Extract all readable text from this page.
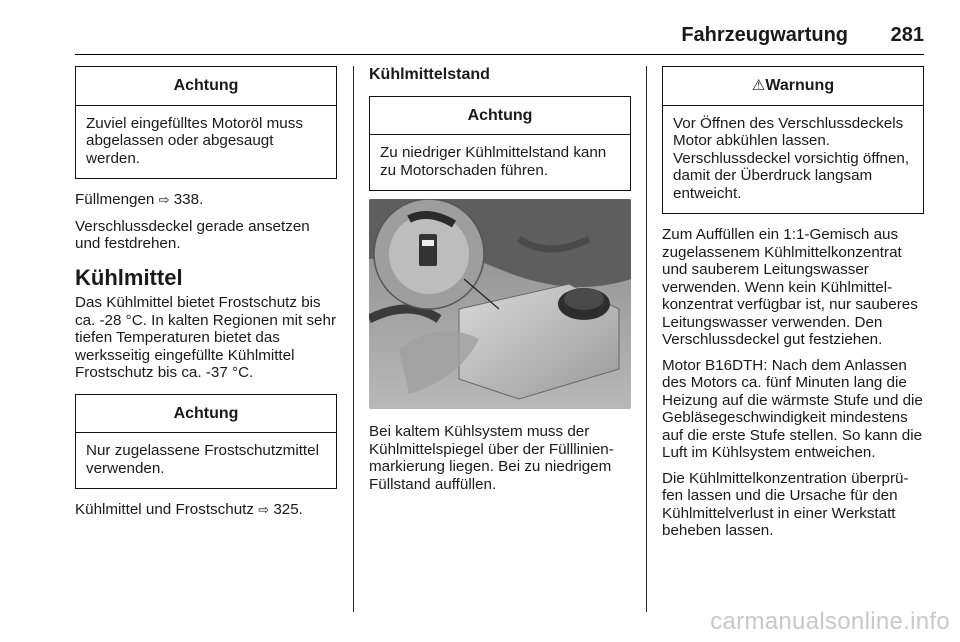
Fahrzeugwartung 281
Achtung
Zuviel eingefülltes Motoröl muss abgelassen oder abgesaugt werden.

Füllmengen ⇨ 338.

Verschlussdeckel gerade ansetzen und festdrehen.

Kühlmittel

Das Kühlmittel bietet Frostschutz bis ca. -28 °C. In kalten Regionen mit sehr tiefen Temperaturen bietet das werksseitig eingefüllte Kühlmittel Frostschutz bis ca. -37 °C.

Achtung
Nur zugelassene Frostschutzmittel verwenden.

Kühlmittel und Frostschutz ⇨ 325.

Kühlmittelstand
Achtung
Zu niedriger Kühlmittelstand kann zu Motorschaden führen.

Bei kaltem Kühlsystem muss der Kühlmittelspiegel über der Fülllinienmarkierung liegen. Bei zu niedrigem Füllstand auffüllen.

⚠Warnung
Vor Öffnen des Verschlussdeckels Motor abkühlen lassen. Verschlussdeckel vorsichtig öffnen, damit der Überdruck langsam entweicht.

Zum Auffüllen ein 1:1-Gemisch aus zugelassenem Kühlmittelkonzentrat und sauberem Leitungswasser verwenden. Wenn kein Kühlmittelkonzentrat verfügbar ist, nur sauberes Leitungswasser verwenden. Den Verschlussdeckel gut festziehen.

Motor B16DTH: Nach dem Anlassen des Motors ca. fünf Minuten lang die Heizung auf die wärmste Stufe und die Gebläsegeschwindigkeit mindestens auf die erste Stufe stellen. So kann die Luft im Kühlsystem entweichen.

Die Kühlmittelkonzentration überprüfen lassen und die Ursache für den Kühlmittelverlust in einer Werkstatt beheben lassen.

carmanualsonline.info
